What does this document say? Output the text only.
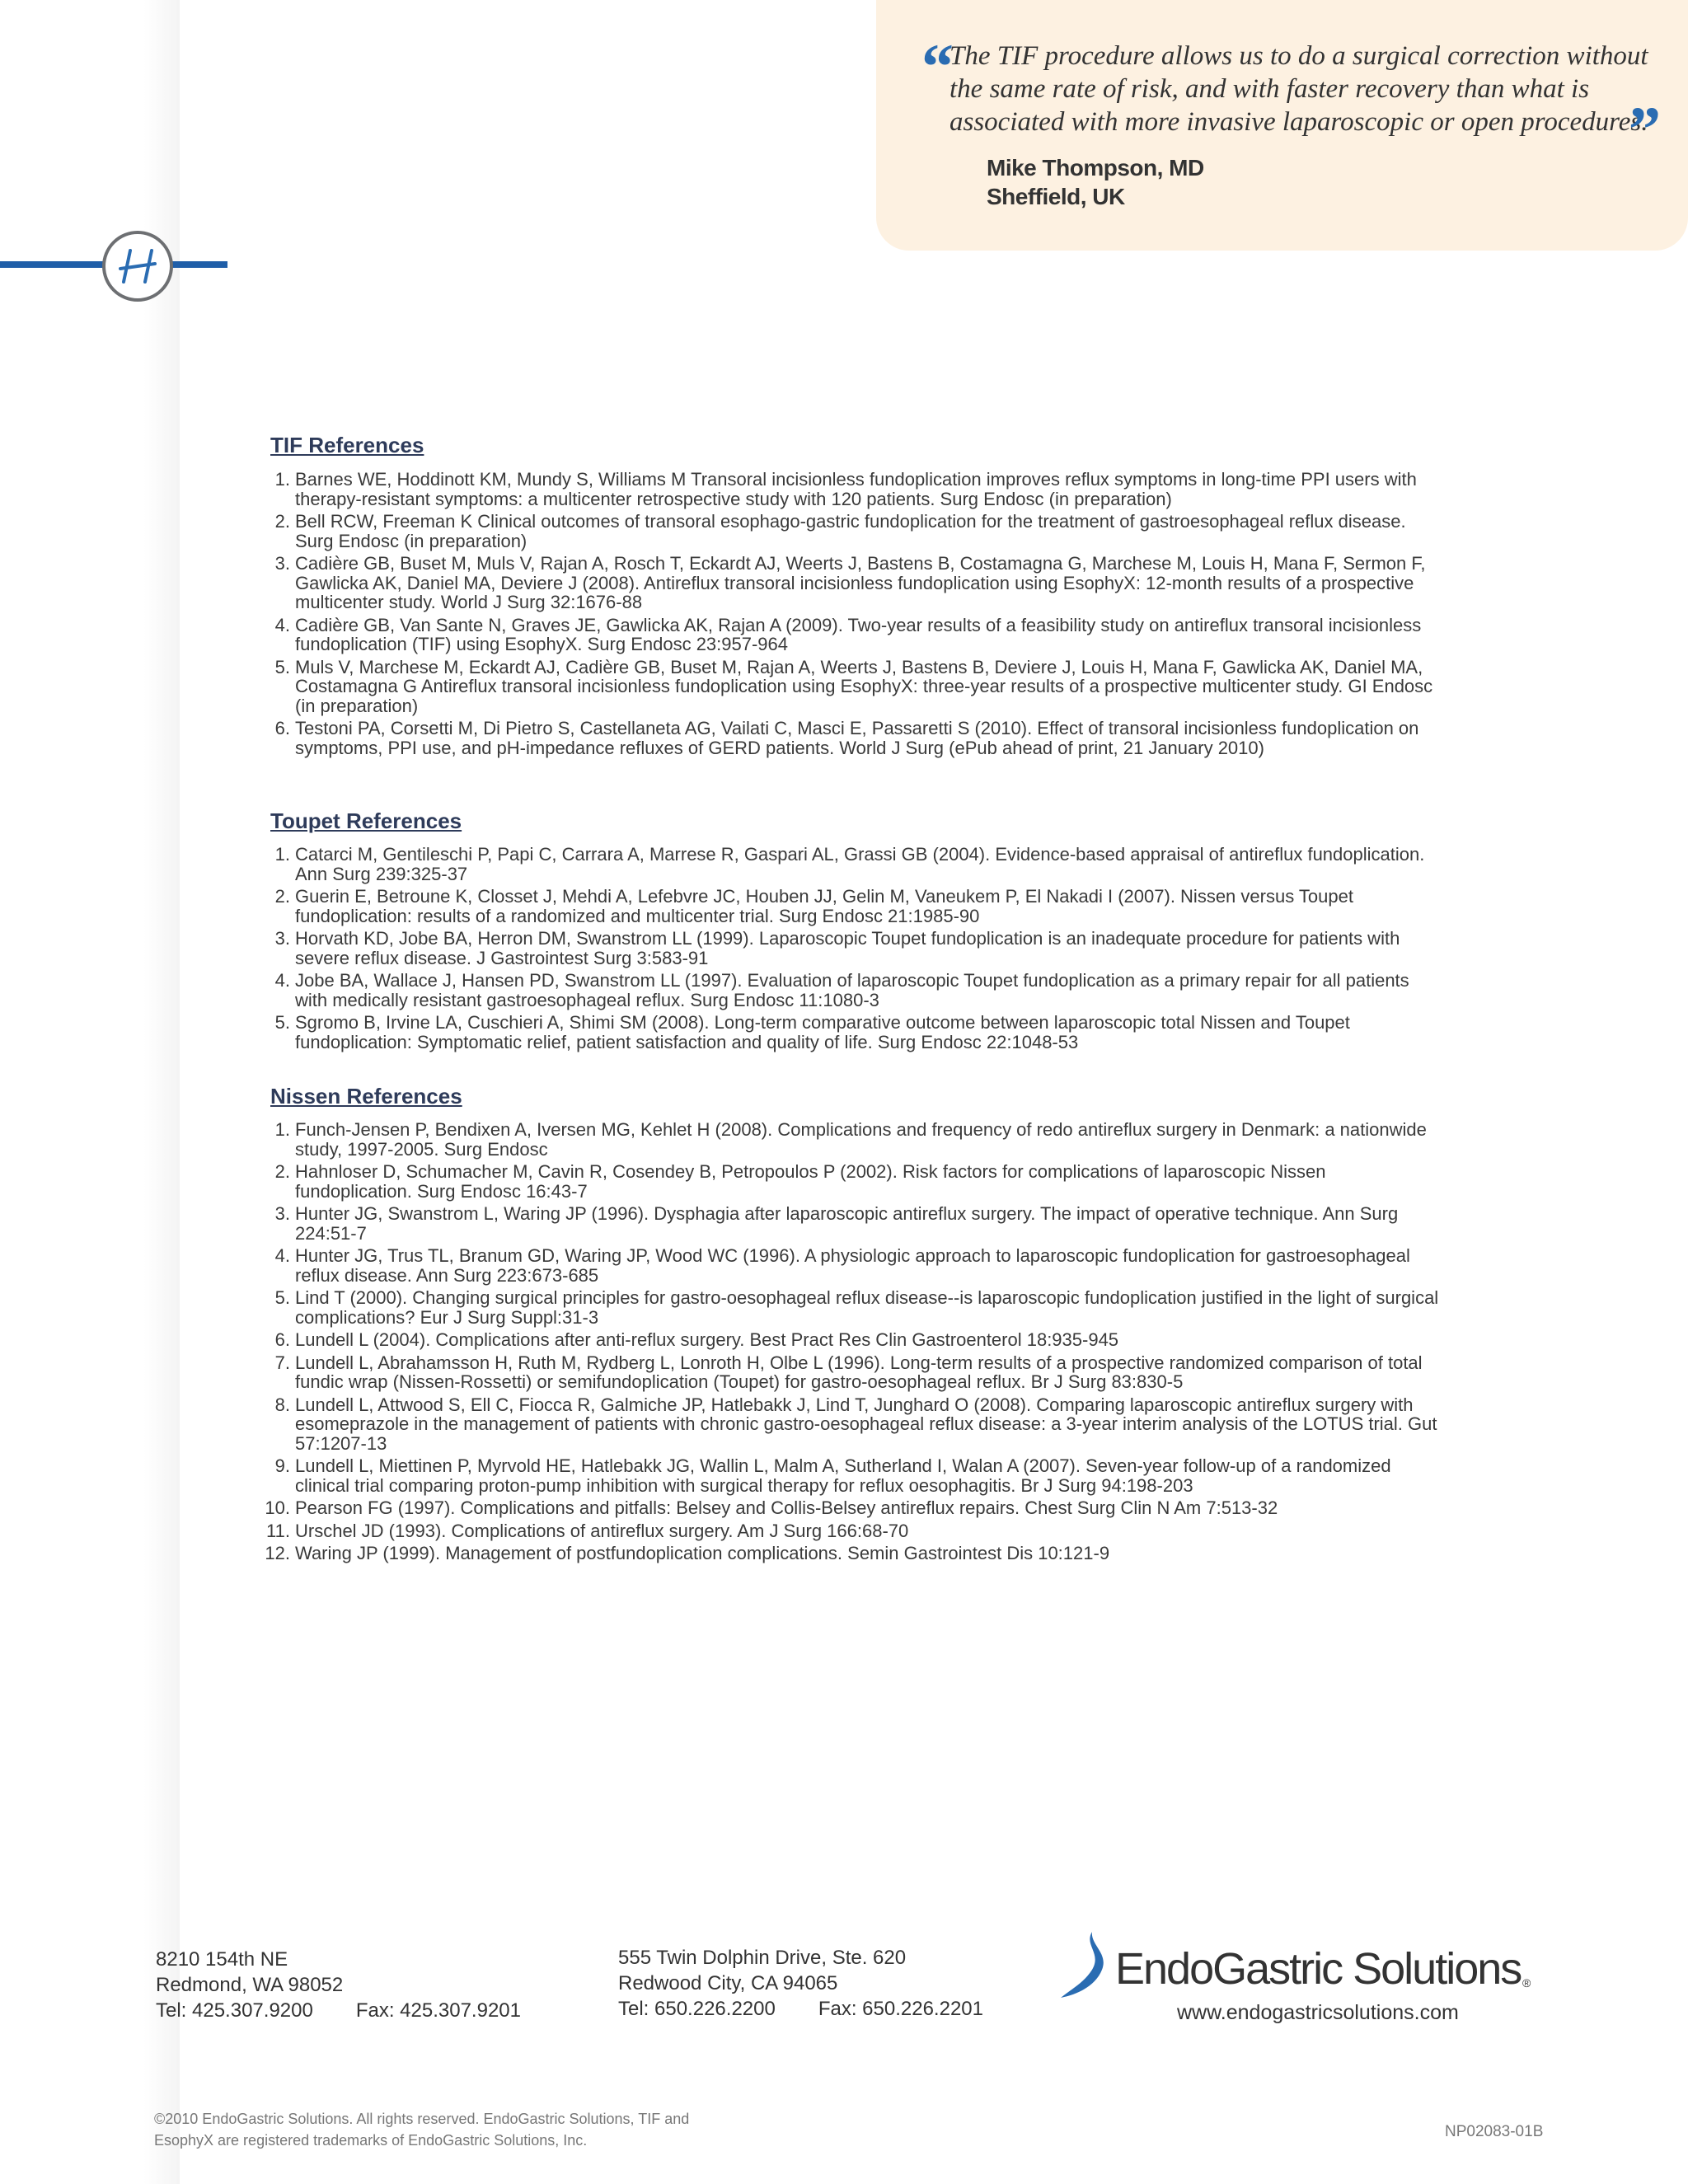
“
The TIF procedure allows us to do a surgical correction without the same rate of risk, and with faster recovery than what is associated with more invasive laparoscopic or open procedures.
”
Mike Thompson, MD
Sheffield, UK
TIF References
1. Barnes WE, Hoddinott KM, Mundy S, Williams M Transoral incisionless fundoplication improves reflux symptoms in long-time PPI users with therapy-resistant symptoms: a multicenter retrospective study with 120 patients. Surg Endosc (in preparation)
2. Bell RCW, Freeman K Clinical outcomes of transoral esophago-gastric fundoplication for the treatment of gastroesophageal reflux disease. Surg Endosc (in preparation)
3. Cadière GB, Buset M, Muls V, Rajan A, Rosch T, Eckardt AJ, Weerts J, Bastens B, Costamagna G, Marchese M, Louis H, Mana F, Sermon F, Gawlicka AK, Daniel MA, Deviere J (2008). Antireflux transoral incisionless fundoplication using EsophyX: 12-month results of a prospective multicenter study. World J Surg 32:1676-88
4. Cadière GB, Van Sante N, Graves JE, Gawlicka AK, Rajan A (2009). Two-year results of a feasibility study on antireflux transoral incisionless fundoplication (TIF) using EsophyX. Surg Endosc 23:957-964
5. Muls V, Marchese M, Eckardt AJ, Cadière GB, Buset M, Rajan A, Weerts J, Bastens B, Deviere J, Louis H, Mana F, Gawlicka AK, Daniel MA, Costamagna G Antireflux transoral incisionless fundoplication using EsophyX: three-year results of a prospective multicenter study. GI Endosc (in preparation)
6. Testoni PA, Corsetti M, Di Pietro S, Castellaneta AG, Vailati C, Masci E, Passaretti S (2010). Effect of transoral incisionless fundoplication on symptoms, PPI use, and pH-impedance refluxes of GERD patients. World J Surg (ePub ahead of print, 21 January 2010)
Toupet References
1. Catarci M, Gentileschi P, Papi C, Carrara A, Marrese R, Gaspari AL, Grassi GB (2004). Evidence-based appraisal of antireflux fundoplication. Ann Surg 239:325-37
2. Guerin E, Betroune K, Closset J, Mehdi A, Lefebvre JC, Houben JJ, Gelin M, Vaneukem P, El Nakadi I (2007). Nissen versus Toupet fundoplication: results of a randomized and multicenter trial. Surg Endosc 21:1985-90
3. Horvath KD, Jobe BA, Herron DM, Swanstrom LL (1999). Laparoscopic Toupet fundoplication is an inadequate procedure for patients with severe reflux disease. J Gastrointest Surg 3:583-91
4. Jobe BA, Wallace J, Hansen PD, Swanstrom LL (1997). Evaluation of laparoscopic Toupet fundoplication as a primary repair for all patients with medically resistant gastroesophageal reflux. Surg Endosc 11:1080-3
5. Sgromo B, Irvine LA, Cuschieri A, Shimi SM (2008). Long-term comparative outcome between laparoscopic total Nissen and Toupet fundoplication: Symptomatic relief, patient satisfaction and quality of life. Surg Endosc 22:1048-53
Nissen References
1. Funch-Jensen P, Bendixen A, Iversen MG, Kehlet H (2008). Complications and frequency of redo antireflux surgery in Denmark: a nationwide study, 1997-2005. Surg Endosc
2. Hahnloser D, Schumacher M, Cavin R, Cosendey B, Petropoulos P (2002). Risk factors for complications of laparoscopic Nissen fundoplication. Surg Endosc 16:43-7
3. Hunter JG, Swanstrom L, Waring JP (1996). Dysphagia after laparoscopic antireflux surgery. The impact of operative technique. Ann Surg 224:51-7
4. Hunter JG, Trus TL, Branum GD, Waring JP, Wood WC (1996). A physiologic approach to laparoscopic fundoplication for gastroesophageal reflux disease. Ann Surg 223:673-685
5. Lind T (2000). Changing surgical principles for gastro-oesophageal reflux disease--is laparoscopic fundoplication justified in the light of surgical complications? Eur J Surg Suppl:31-3
6. Lundell L (2004). Complications after anti-reflux surgery. Best Pract Res Clin Gastroenterol 18:935-945
7. Lundell L, Abrahamsson H, Ruth M, Rydberg L, Lonroth H, Olbe L (1996). Long-term results of a prospective randomized comparison of total fundic wrap (Nissen-Rossetti) or semifundoplication (Toupet) for gastro-oesophageal reflux. Br J Surg 83:830-5
8. Lundell L, Attwood S, Ell C, Fiocca R, Galmiche JP, Hatlebakk J, Lind T, Junghard O (2008). Comparing laparoscopic antireflux surgery with esomeprazole in the management of patients with chronic gastro-oesophageal reflux disease: a 3-year interim analysis of the LOTUS trial. Gut 57:1207-13
9. Lundell L, Miettinen P, Myrvold HE, Hatlebakk JG, Wallin L, Malm A, Sutherland I, Walan A (2007). Seven-year follow-up of a randomized clinical trial comparing proton-pump inhibition with surgical therapy for reflux oesophagitis. Br J Surg 94:198-203
10. Pearson FG (1997). Complications and pitfalls: Belsey and Collis-Belsey antireflux repairs. Chest Surg Clin N Am 7:513-32
11. Urschel JD (1993). Complications of antireflux surgery. Am J Surg 166:68-70
12. Waring JP (1999). Management of postfundoplication complications. Semin Gastrointest Dis 10:121-9
8210 154th NE
Redmond, WA 98052
Tel: 425.307.9200 Fax: 425.307.9201
555 Twin Dolphin Drive, Ste. 620
Redwood City, CA 94065
Tel: 650.226.2200 Fax: 650.226.2201
EndoGastric Solutions ®
www.endogastricsolutions.com
©2010 EndoGastric Solutions. All rights reserved. EndoGastric Solutions, TIF and
EsophyX are registered trademarks of EndoGastric Solutions, Inc.	NP02083-01B
